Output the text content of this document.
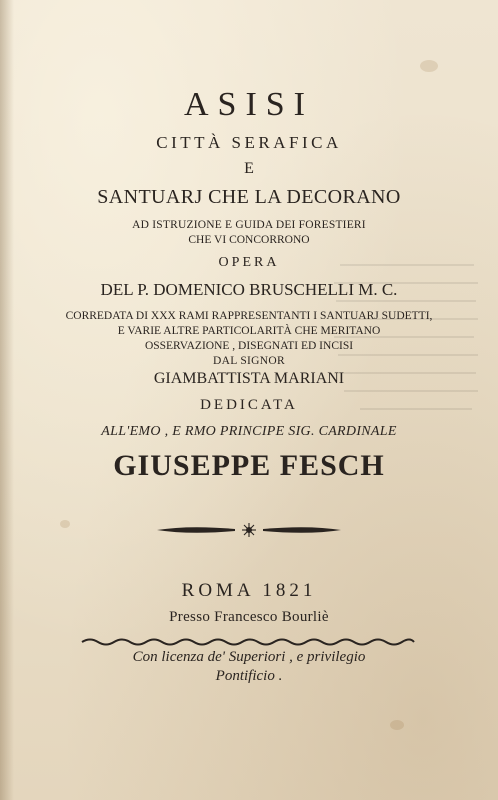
ASISI
CITTÀ SERAFICA
E
SANTUARJ CHE LA DECORANO
AD ISTRUZIONE E GUIDA DEI FORESTIERI
CHE VI CONCORRONO
OPERA
DEL P. DOMENICO BRUSCHELLI M. C.
CORREDATA DI XXX RAMI RAPPRESENTANTI I SANTUARJ SUDETTI,
E VARIE ALTRE PARTICOLARITÀ CHE MERITANO
OSSERVAZIONE , DISEGNATI ED INCISI
DAL SIGNOR
GIAMBATTISTA MARIANI
DEDICATA
ALL'EMO , E RMO PRINCIPE SIG. CARDINALE
GIUSEPPE FESCH
ROMA 1821
Presso Francesco Bourliè
Con licenza de' Superiori , e privilegio
Pontificio .
